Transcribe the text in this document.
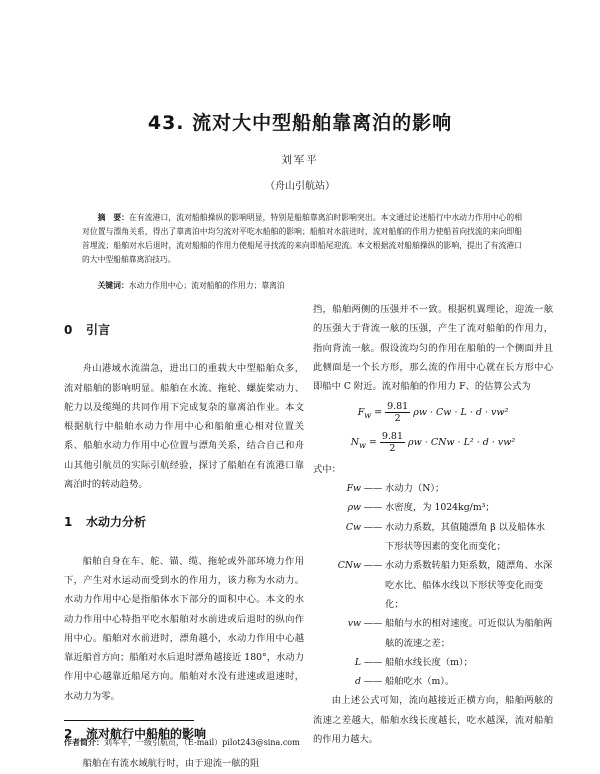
43. 流对大中型船舶靠离泊的影响
刘军平
（舟山引航站）
摘　要：在有流港口，流对船舶操纵的影响明显，特别是船舶靠离泊时影响突出。本文通过论述船行中水动力作用中心的相对位置与漂角关系，得出了靠离泊中均匀流对平吃水船舶的影响；船舶对水前进时，流对船舶的作用力使船首向找流的来向即船首埋流；船舶对水后退时，流对船舶的作用力使船尾寻找流的来向即船尾迎流。本文根据流对船舶操纵的影响，提出了有流港口的大中型船舶靠离泊技巧。
关键词：水动力作用中心；流对船舶的作用力；靠离泊
0 引言

舟山港域水流湍急，进出口的重载大中型船舶众多，流对船舶的影响明显。船舶在水流、拖轮、螺旋桨动力、舵力以及缆绳的共同作用下完成复杂的靠离泊作业。本文根据航行中船舶水动力作用中心和船舶重心相对位置关系、船舶水动力作用中心位置与漂角关系，结合自己和舟山其他引航员的实际引航经验，探讨了船舶在有流港口靠离泊时的转动趋势。

1 水动力分析

船舶自身在车、舵、锚、缆、拖轮或外部环境力作用下，产生对水运动而受到水的作用力，该力称为水动力。水动力作用中心是指船体水下部分的面积中心。本文的水动力作用中心特指平吃水船舶对水前进或后退时的纵向作用中心。船舶对水前进时，漂角越小，水动力作用中心越靠近船首方向；船舶对水后退时漂角越接近 180°，水动力作用中心越靠近船尾方向。船舶对水没有进速或退速时，水动力为零。

2 流对航行中船舶的影响

船舶在有流水域航行时，由于迎流一舷的阻

挡，船舶两侧的压强并不一致。根据机翼理论，迎流一舷的压强大于背流一舷的压强，产生了流对船舶的作用力，指向背流一舷。假设流均匀的作用在船舶的一个侧面并且此侧面是一个长方形，那么流的作用中心就在长方形中心即船中 C 附近。流对船舶的作用力 F、的估算公式为

$F_w = \frac{9.81}{2}$ ρw · Cw · L · d · vw²
$N_w = \frac{9.81}{2}$ ρw · CNw · L² · d · vw²
式中：
Fw —— 水动力（N）；
ρw —— 水密度，为 1024kg/m³；
Cw —— 水动力系数，其值随漂角 β 以及船体水下形状等因素的变化而变化；
CNw —— 水动力系数转船力矩系数，随漂角、水深吃水比、船体水线以下形状等变化而变化；
vw —— 船舶与水的相对速度。可近似认为船舶两舷的流速之差；
L —— 船舶水线长度（m）；
d —— 船舶吃水（m）。

由上述公式可知，流向越接近正横方向，船舶两舷的流速之差越大，船舶水线长度越长，吃水越深，流对船舶的作用力越大。

作者简介：刘军平，一级引航员，（E-mail）pilot243@sina.com
